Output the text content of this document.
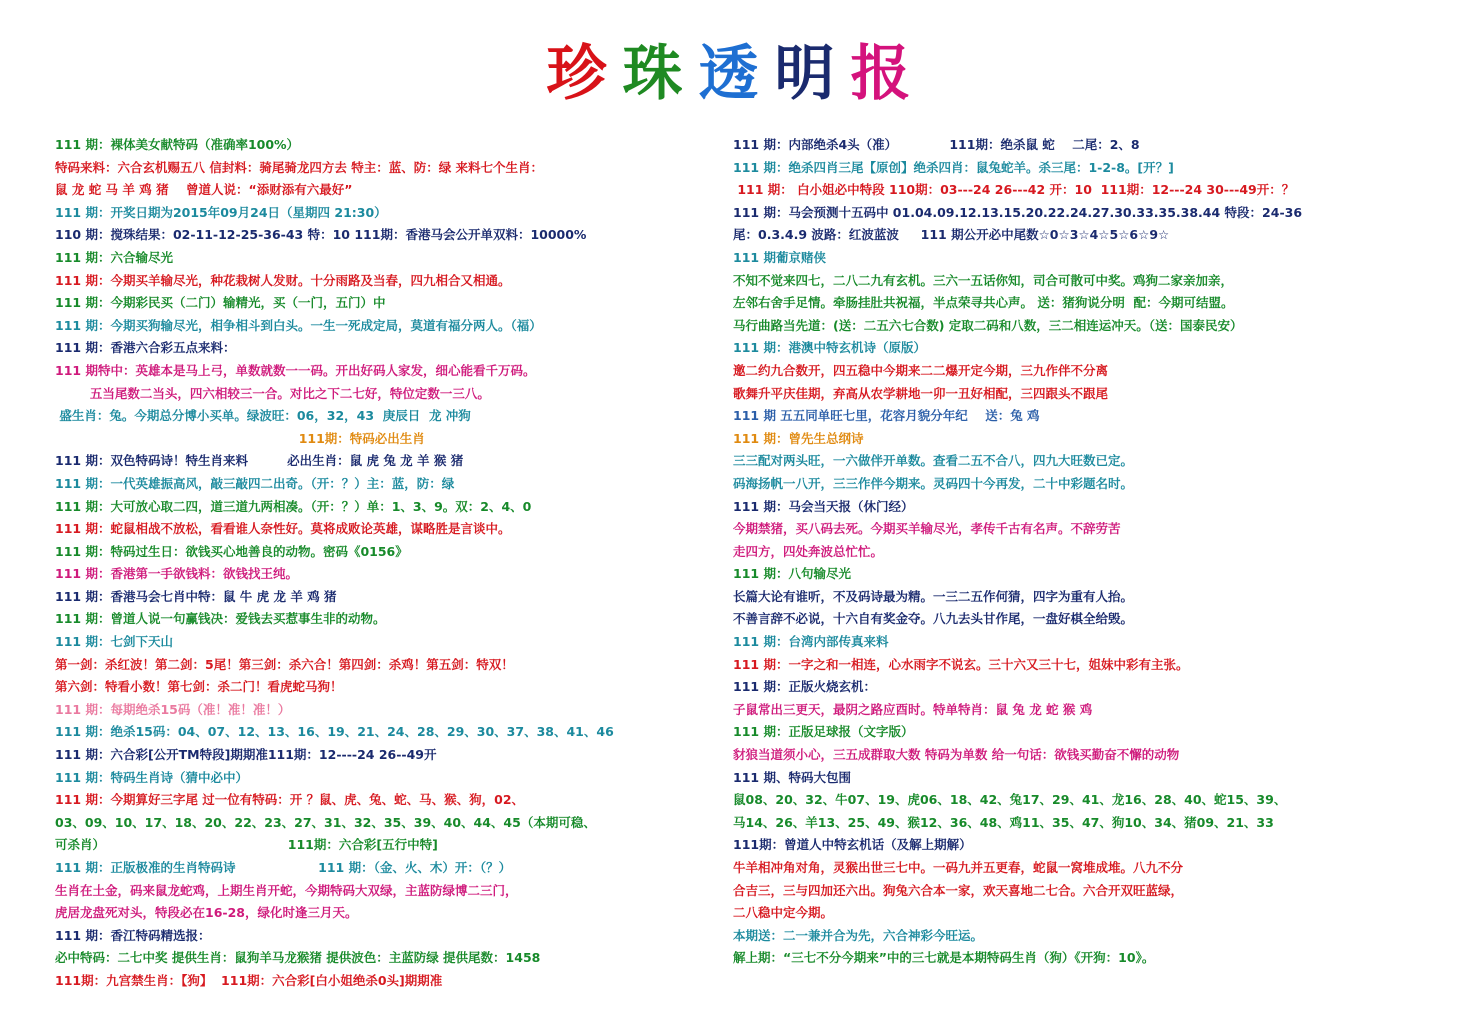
珍 珠 透 明 报
111 期：裸体美女献特码（准确率100%）
特码来料：六合玄机赐五八 信封料：骑尾骑龙四方去 特主：蓝、防：绿 来料七个生肖：
鼠 龙 蛇 马 羊 鸡 猪    曾道人说：“添财添有六最好”
111 期：开奖日期为2015年09月24日（星期四 21:30）
110 期：搅珠结果：02-11-12-25-36-43 特：10 111期：香港马会公开单双料：10000%
111 期：六合输尽光
111 期：今期买羊输尽光，种花栽树人发财。十分雨路及当春，四九相合又相通。
111 期：今期彩民买（二门）输精光，买（一门，五门）中
111 期：今期买狗输尽光，相争相斗到白头。一生一死成定局，莫道有福分两人。（福）
111 期：香港六合彩五点来料：
111 期特中：英雄本是马上弓，单数就数一一码。开出好码人家发，细心能看千万码。
五当尾数二当头，四六相较三一合。对比之下二七好，特位定数一三八。
盛生肖：兔。今期总分博小买单。绿波旺：06，32，43  庚辰日  龙 冲狗
111期：特码必出生肖
111 期：双色特码诗！特生肖来料         必出生肖：鼠 虎 兔 龙 羊 猴 猪
111 期：一代英雄振高风，敲三敲四二出奇。（开：？）主：蓝，防：绿
111 期：大可放心取二四，道三道九两相凑。（开：？）单：1、3、9。双：2、4、0
111 期：蛇鼠相战不放松，看看谁人奈性好。莫将成败论英雄，谋略胜是言谈中。
111 期：特码过生日：欲钱买心地善良的动物。密码《0156》
111 期：香港第一手欲钱料：欲钱找王纯。
111 期：香港马会七肖中特：鼠 牛 虎 龙 羊 鸡 猪
111 期：曾道人说一句赢钱决：爱钱去买惹事生非的动物。
111 期：七剑下天山
第一剑：杀红波！第二剑：5尾！第三剑：杀六合！第四剑：杀鸡！第五剑：特双！
第六剑：特看小数！第七剑：杀二门！看虎蛇马狗！
111 期：每期绝杀15码（准！准！准！）
111 期：绝杀15码：04、07、12、13、16、19、21、24、28、29、30、37、38、41、46
111 期：六合彩[公开TM特段]期期准111期：12----24 26--49开
111 期：特码生肖诗（猜中必中）
111 期：今期算好三字尾 过一位有特码：开 ？鼠、虎、兔、蛇、马、猴、狗，02、
03、09、10、17、18、20、22、23、27、31、32、35、39、40、44、45（本期可稳、
可杀肖）                                          111期：六合彩[五行中特]
111 期：正版极准的生肖特码诗                   111 期：（金、火、木）开：（？）
生肖在土金，码来鼠龙蛇鸡，上期生肖开蛇，今期特码大双绿，主蓝防绿博二三门，
虎居龙盘死对头，特段必在16-28，绿化时逢三月天。
111 期：香江特码精选报：
必中特码：二七中奖 提供生肖：鼠狗羊马龙猴猪 提供波色：主蓝防绿 提供尾数：1458
111期：九宫禁生肖：【狗】  111期：六合彩[白小姐绝杀0头]期期准
111 期：内部绝杀4头（准）            111期：绝杀鼠 蛇    二尾：2、8
111 期：绝杀四肖三尾【原创】绝杀四肖：鼠兔蛇羊。杀三尾：1-2-8。[开？]
111 期： 白小姐必中特段 110期：03---24 26---42 开：10  111期：12---24 30---49开：？
111 期：马会预测十五码中 01.04.09.12.13.15.20.22.24.27.30.33.35.38.44 特段：24-36
尾：0.3.4.9 波路：红波蓝波     111 期公开必中尾数☆0☆3☆4☆5☆6☆9☆
111 期葡京赌侠
不知不觉来四七，二八二九有玄机。三六一五话你知，司合可散可中奖。鸡狗二家亲加亲，
左邻右舍手足情。牵肠挂肚共祝福，半点荣寻共心声。 送：猪狗说分明  配：今期可结盟。
马行曲路当先道：(送：二五六七合数) 定取二码和八数，三二相连运冲天。（送：国泰民安）
111 期：港澳中特玄机诗（原版）
邀二约九合数开，四五稳中今期来二二爆开定今期，三九作伴不分离
歌舞升平庆佳期，弃高从农学耕地一卯一丑好相配，三四跟头不跟尾
111 期 五五同单旺七里，花容月貌分年纪    送：兔 鸡
111 期：曾先生总纲诗
三三配对两头旺，一六做伴开单数。查看二五不合八，四九大旺数已定。
码海扬帆一八开，三三作伴今期来。灵码四十今再发，二十中彩题名时。
111 期：马会当天报（休门经）
今期禁猪，买八码去死。今期买羊输尽光，孝传千古有名声。不辞劳苦
走四方，四处奔波总忙忙。
111 期：八句输尽光
长篇大论有谁听，不及码诗最为精。一三二五作何猜，四字为重有人抬。
不善言辞不必说，十六自有奖金夺。八九去头甘作尾，一盘好棋全给毁。
111 期：台湾内部传真来料
111 期：一字之和一相连，心水雨字不说玄。三十六又三十七，姐妹中彩有主张。
111 期：正版火烧玄机：
子鼠常出三更天，最阴之路应酉时。特单特肖：鼠 兔 龙 蛇 猴 鸡
111 期：正版足球报（文字版）
豺狼当道须小心，三五成群取大数 特码为单数 给一句话：欲钱买勤奋不懈的动物
111 期、特码大包围
鼠08、20、32、牛07、19、虎06、18、42、兔17、29、41、龙16、28、40、蛇15、39、
马14、26、羊13、25、49、猴12、36、48、鸡11、35、47、狗10、34、猪09、21、33
111期：曾道人中特玄机话（及解上期解）
牛羊相冲角对角，灵猴出世三七中。一码九并五更春，蛇鼠一窝堆成堆。八九不分
合吉三，三与四加还六出。狗兔六合本一家，欢天喜地二七合。六合开双旺蓝绿，
二八稳中定今期。
本期送：二一兼并合为先，六合神彩今旺运。
解上期：“三七不分今期来”中的三七就是本期特码生肖（狗）《开狗：10》。
